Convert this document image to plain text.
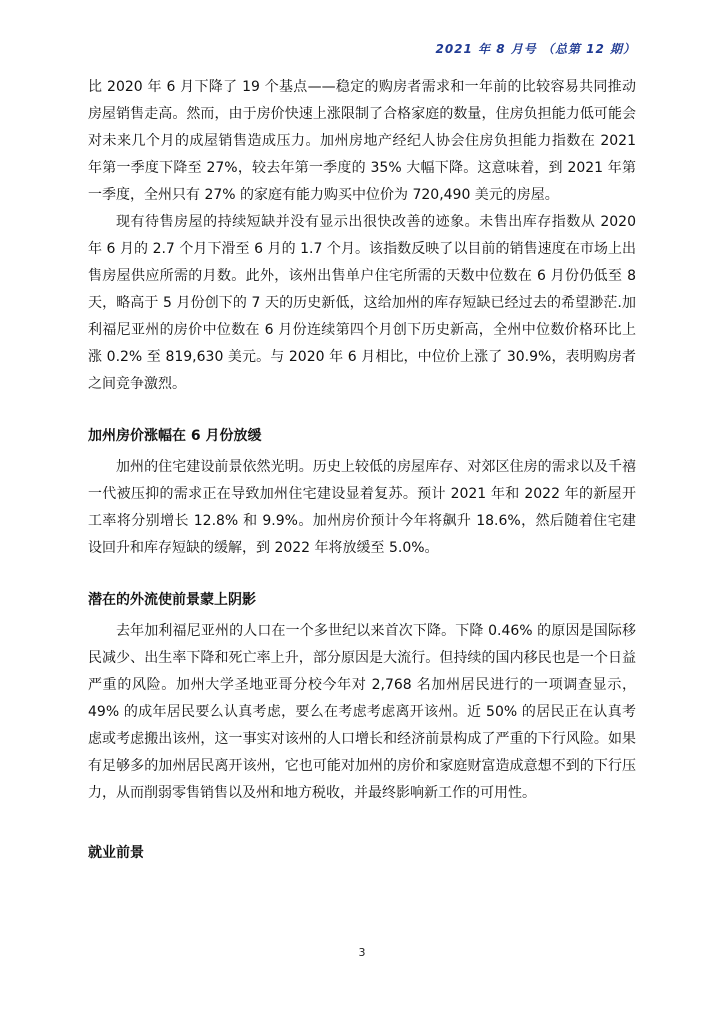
2021 年 8 月号 （总第 12 期）

比 2020 年 6 月下降了 19 个基点——稳定的购房者需求和一年前的比较容易共同推动房屋销售走高。然而，由于房价快速上涨限制了合格家庭的数量，住房负担能力低可能会对未来几个月的成屋销售造成压力。加州房地产经纪人协会住房负担能力指数在 2021 年第一季度下降至 27%，较去年第一季度的 35% 大幅下降。这意味着，到 2021 年第一季度，全州只有 27% 的家庭有能力购买中位价为 720,490 美元的房屋。

现有待售房屋的持续短缺并没有显示出很快改善的迹象。未售出库存指数从 2020 年 6 月的 2.7 个月下滑至 6 月的 1.7 个月。该指数反映了以目前的销售速度在市场上出售房屋供应所需的月数。此外，该州出售单户住宅所需的天数中位数在 6 月份仍低至 8 天，略高于 5 月份创下的 7 天的历史新低，这给加州的库存短缺已经过去的希望渺茫.加利福尼亚州的房价中位数在 6 月份连续第四个月创下历史新高，全州中位数价格环比上涨 0.2% 至 819,630 美元。与 2020 年 6 月相比，中位价上涨了 30.9%，表明购房者之间竞争激烈。

加州房价涨幅在 6 月份放缓

加州的住宅建设前景依然光明。历史上较低的房屋库存、对郊区住房的需求以及千禧一代被压抑的需求正在导致加州住宅建设显着复苏。预计 2021 年和 2022 年的新屋开工率将分别增长 12.8% 和 9.9%。加州房价预计今年将飙升 18.6%，然后随着住宅建设回升和库存短缺的缓解，到 2022 年将放缓至 5.0%。

潜在的外流使前景蒙上阴影

去年加利福尼亚州的人口在一个多世纪以来首次下降。下降 0.46% 的原因是国际移民减少、出生率下降和死亡率上升，部分原因是大流行。但持续的国内移民也是一个日益严重的风险。加州大学圣地亚哥分校今年对 2,768 名加州居民进行的一项调查显示，49% 的成年居民要么认真考虑，要么在考虑考虑离开该州。近 50% 的居民正在认真考虑或考虑搬出该州，这一事实对该州的人口增长和经济前景构成了严重的下行风险。如果有足够多的加州居民离开该州，它也可能对加州的房价和家庭财富造成意想不到的下行压力，从而削弱零售销售以及州和地方税收，并最终影响新工作的可用性。

就业前景
3
